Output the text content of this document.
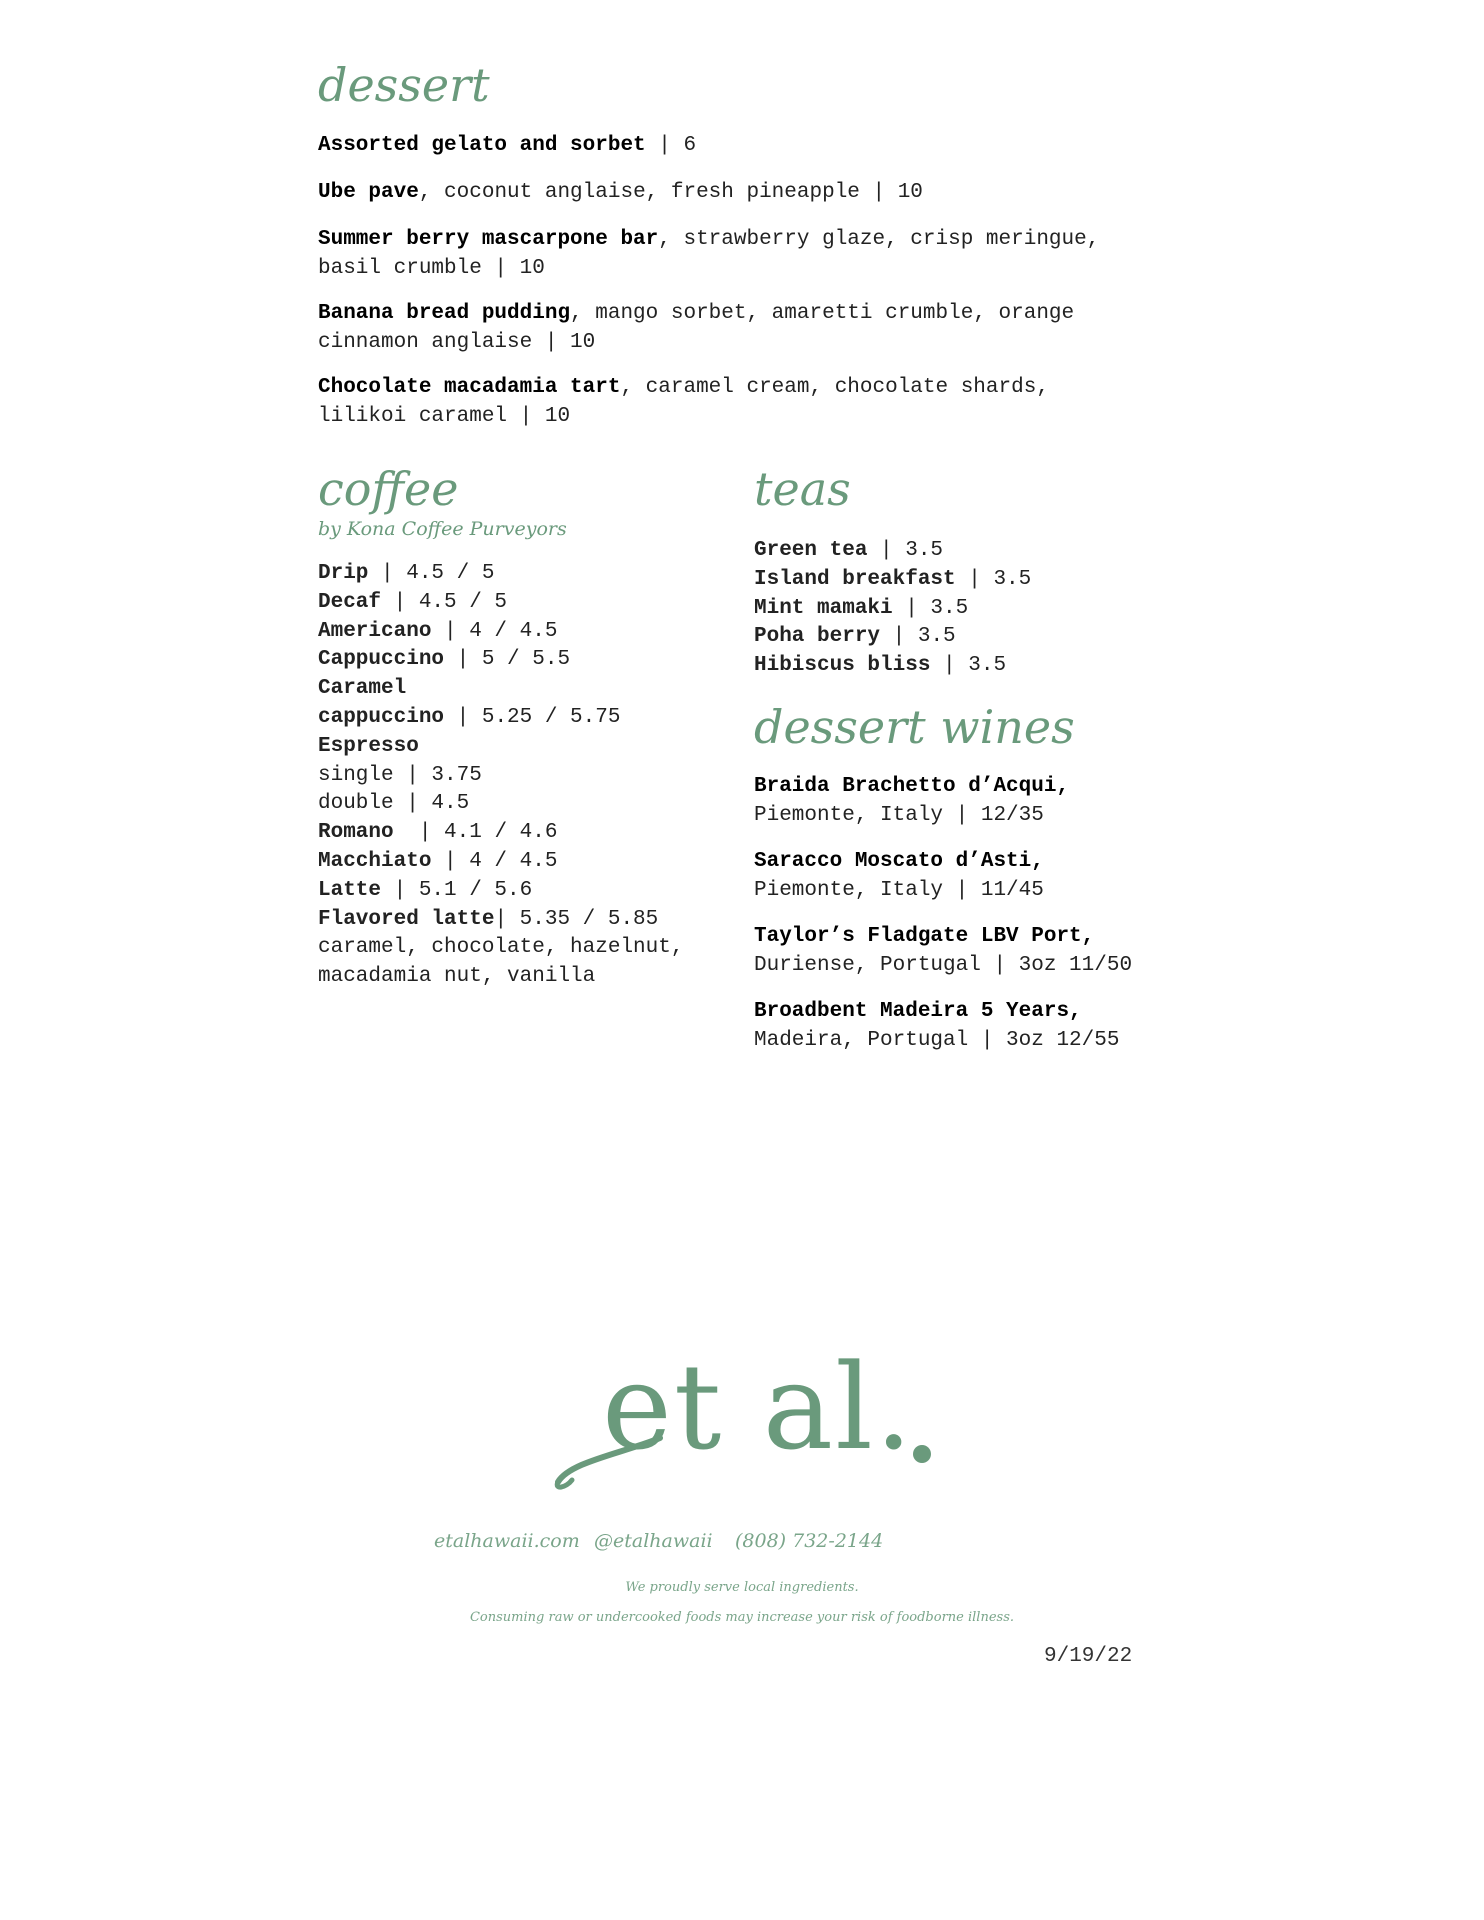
dessert

Assorted gelato and sorbet | 6

Ube pave, coconut anglaise, fresh pineapple | 10

Summer berry mascarpone bar, strawberry glaze, crisp meringue,
basil crumble | 10
Banana bread pudding, mango sorbet, amaretti crumble, orange
cinnamon anglaise | 10
Chocolate macadamia tart, caramel cream, chocolate shards,
lilikoi caramel | 10
coffee

by Kona Coffee Purveyors

Drip | 4.5 / 5

Decaf | 4.5 / 5

Americano | 4 / 4.5

Cappuccino | 5 / 5.5

Caramel

cappuccino | 5.25 / 5.75

Espresso

single | 3.75

double | 4.5

Romano  | 4.1 / 4.6

Macchiato | 4 / 4.5

Latte | 5.1 / 5.6

Flavored latte| 5.35 / 5.85

caramel, chocolate, hazelnut,

macadamia nut, vanilla

teas

Green tea | 3.5

Island breakfast | 3.5

Mint mamaki | 3.5

Poha berry | 3.5

Hibiscus bliss | 3.5

dessert wines
Braida Brachetto d’Acqui,
Piemonte, Italy | 12/35
Saracco Moscato d’Asti,
Piemonte, Italy | 11/45
Taylor’s Fladgate LBV Port,
Duriense, Portugal | 3oz 11/50
Broadbent Madeira 5 Years,
Madeira, Portugal | 3oz 12/55
et al.
etalhawaii.com @etalhawaii (808) 732-2144
We proudly serve local ingredients.
Consuming raw or undercooked foods may increase your risk of foodborne illness.
9/19/22
